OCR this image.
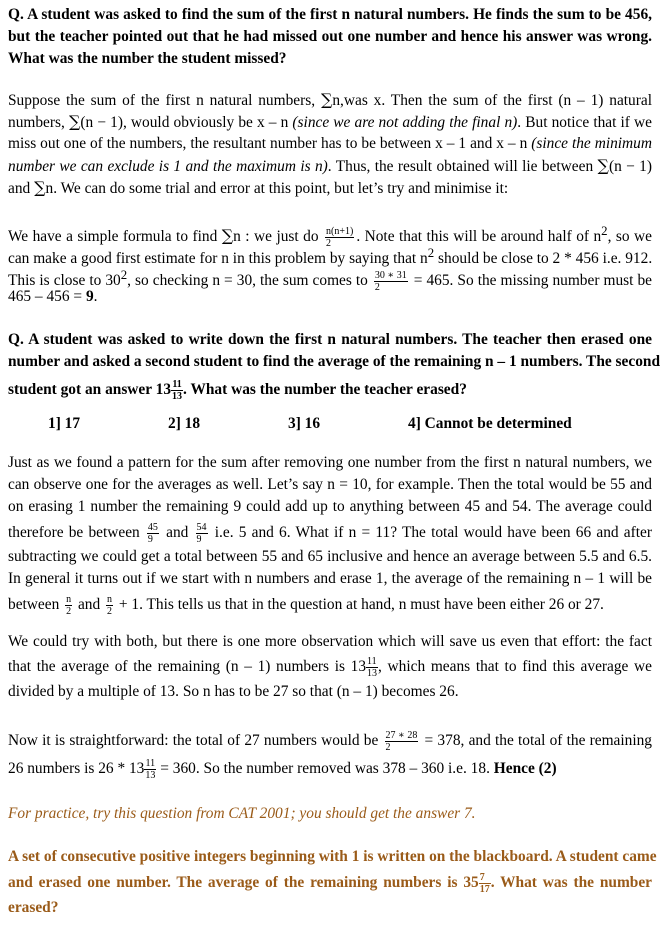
Q. A student was asked to find the sum of the first n natural numbers. He finds the sum to be 456,
but the teacher pointed out that he had missed out one number and hence his answer was wrong.
What was the number the student missed?
Suppose the sum of the first n natural numbers, ∑n,was x. Then the sum of the first (n – 1) natural
numbers, ∑(n − 1), would obviously be x – n (since we are not adding the final n). But notice that if we
miss out one of the numbers, the resultant number has to be between x – 1 and x – n (since the minimum
number we can exclude is 1 and the maximum is n). Thus, the result obtained will lie between ∑(n − 1)
and ∑n. We can do some trial and error at this point, but let’s try and minimise it:
We have a simple formula to find ∑n : we just do $\frac{n(n+1)}{2}$ . Note that this will be around half of $n^2$, so we
can make a good first estimate for n in this problem by saying that $n^2$ should be close to 2 * 456 i.e. 912.
This is close to $30^2$, so checking n = 30, the sum comes to $\frac{30 ∗ 31}{2} = 465$. So the missing number must be
465 – 456 = 9.
Q. A student was asked to write down the first n natural numbers. The teacher then erased one
number and asked a second student to find the average of the remaining n – 1 numbers. The second
student got an answer $13 \frac{11}{13}$ . What was the number the teacher erased?
1] 17	2] 18	3] 16	4] Cannot be determined
Just as we found a pattern for the sum after removing one number from the first n natural numbers, we
can observe one for the averages as well. Let’s say n = 10, for example. Then the total would be 55 and
on erasing 1 number the remaining 9 could add up to anything between 45 and 54. The average could
therefore be between $\frac{45}{9}$ and $\frac{54}{9} i.e$. 5 and 6. What if n = 11? The total would have been 66 and after
subtracting we could get a total between 55 and 65 inclusive and hence an average between 5.5 and 6.5.
In general it turns out if we start with n numbers and erase 1, the average of the remaining n – 1 will be
between $\frac{n}{2}$ and $\frac{n}{2} + 1$. This tells us that in the question at hand, n must have been either 26 or 27.
We could try with both, but there is one more observation which will save us even that effort: the fact
that the average of the remaining (n – 1) numbers is $13 \frac{11}{13}$ , which means that to find this average we
divided by a multiple of 13. So n has to be 27 so that (n – 1) becomes 26.
Now it is straightforward: the total of 27 numbers would be $\frac{27 ∗ 28}{2} = 378$, and the total of the remaining
26 numbers is $26 * 13 \frac{11}{13} = 360$. So the number removed was 378 – 360 i.e. 18. Hence (2)
For practice, try this question from CAT 2001; you should get the answer 7.
A set of consecutive positive integers beginning with 1 is written on the blackboard. A student came
and erased one number. The average of the remaining numbers is $35 \frac{7}{17}$ . What was the number
erased?
